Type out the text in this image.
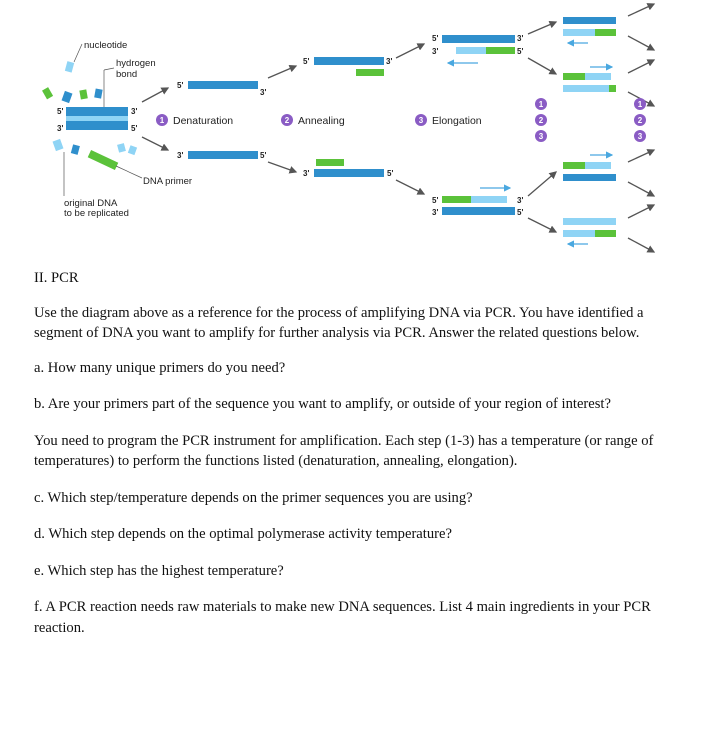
nucleotide
hydrogen
bond
5'
3'
3'
5'
DNA primer
original DNA
to be replicated
1 Denaturation
5'
3'
3'	5'
2 Annealing
5'	3'
3'	5'
3 Elongation
5'
3'
3'
5'
5'
3'
3'
5'
1
2
3
1
2
3

II. PCR

Use the diagram above as a reference for the process of amplifying DNA via PCR. You have identified a segment of DNA you want to amplify for further analysis via PCR. Answer the related questions below.

a. How many unique primers do you need?

b. Are your primers part of the sequence you want to amplify, or outside of your region of interest?

You need to program the PCR instrument for amplification. Each step (1-3) has a temperature (or range of temperatures) to perform the functions listed (denaturation, annealing, elongation).

c. Which step/temperature depends on the primer sequences you are using?

d. Which step depends on the optimal polymerase activity temperature?

e. Which step has the highest temperature?

f. A PCR reaction needs raw materials to make new DNA sequences. List 4 main ingredients in your PCR reaction.
